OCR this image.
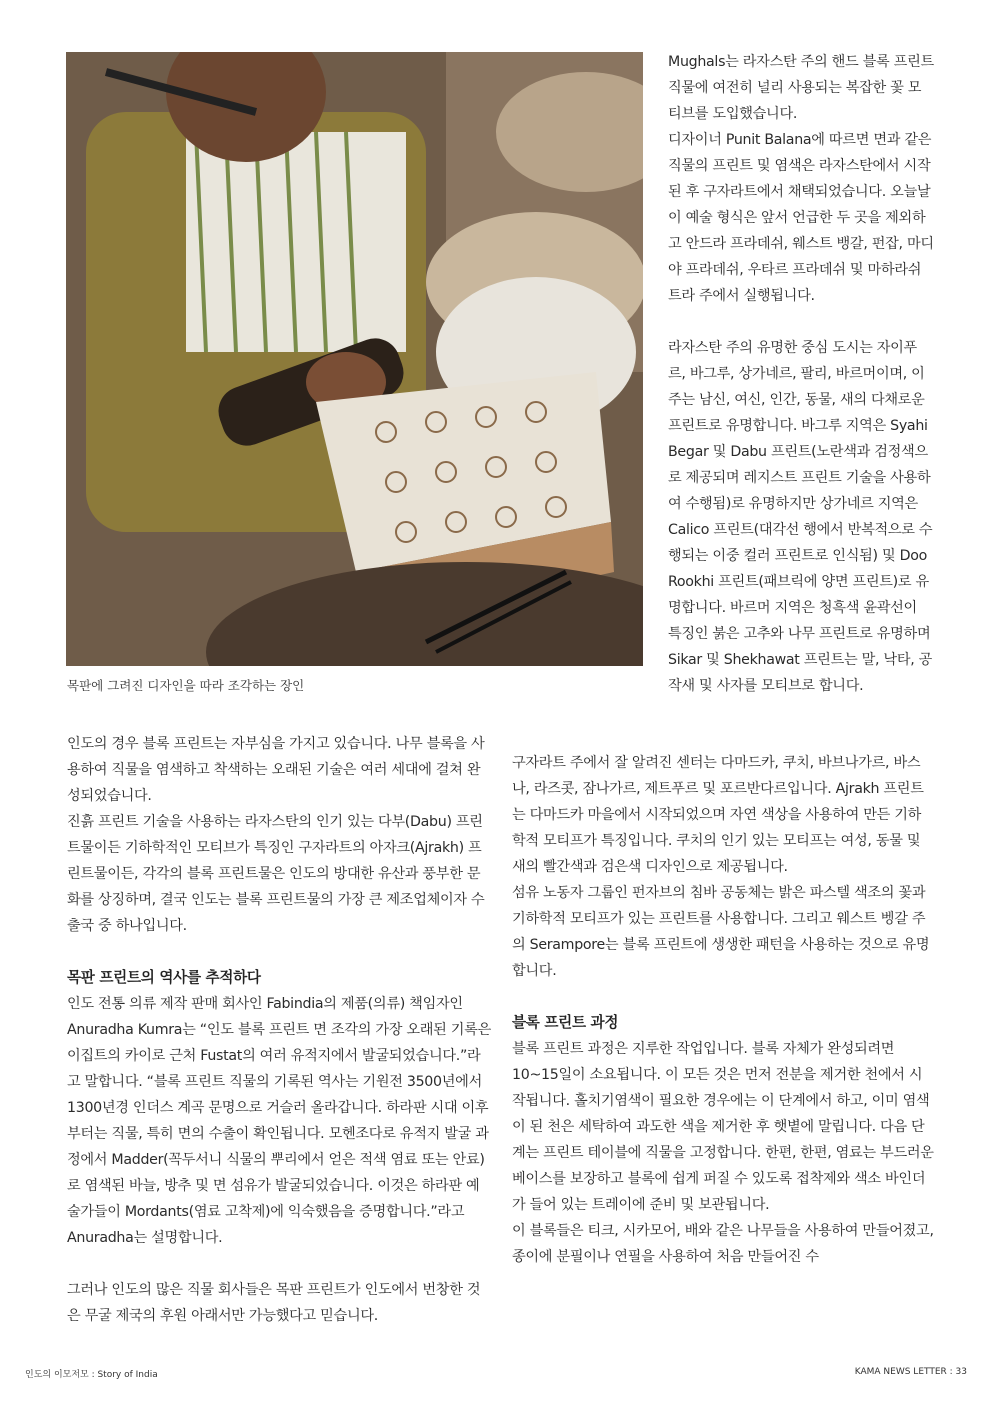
목판에 그려진 디자인을 따라 조각하는 장인

Mughals는 라자스탄 주의 핸드 블록 프린트 직물에 여전히 널리 사용되는 복잡한 꽃 모티브를 도입했습니다.

디자이너 Punit Balana에 따르면 면과 같은 직물의 프린트 및 염색은 라자스탄에서 시작된 후 구자라트에서 채택되었습니다. 오늘날 이 예술 형식은 앞서 언급한 두 곳을 제외하고 안드라 프라데쉬, 웨스트 뱅갈, 펀잡, 마디야 프라데쉬, 우타르 프라데쉬 및 마하라쉬트라 주에서 실행됩니다.

라자스탄 주의 유명한 중심 도시는 자이푸르, 바그루, 상가네르, 팔리, 바르머이며, 이 주는 남신, 여신, 인간, 동물, 새의 다채로운 프린트로 유명합니다. 바그루 지역은 Syahi Begar 및 Dabu 프린트(노란색과 검정색으로 제공되며 레지스트 프린트 기술을 사용하여 수행됨)로 유명하지만 상가네르 지역은 Calico 프린트(대각선 행에서 반복적으로 수행되는 이중 컬러 프린트로 인식됨) 및 Doo Rookhi 프린트(패브릭에 양면 프린트)로 유명합니다. 바르머 지역은 청흑색 윤곽선이 특징인 붉은 고추와 나무 프린트로 유명하며 Sikar 및 Shekhawat 프린트는 말, 낙타, 공작새 및 사자를 모티브로 합니다.

인도의 경우 블록 프린트는 자부심을 가지고 있습니다. 나무 블록을 사용하여 직물을 염색하고 착색하는 오래된 기술은 여러 세대에 걸쳐 완성되었습니다.

진흙 프린트 기술을 사용하는 라자스탄의 인기 있는 다부(Dabu) 프린트물이든 기하학적인 모티브가 특징인 구자라트의 아자크(Ajrakh) 프린트물이든, 각각의 블록 프린트물은 인도의 방대한 유산과 풍부한 문화를 상징하며, 결국 인도는 블록 프린트물의 가장 큰 제조업체이자 수출국 중 하나입니다.

목판 프린트의 역사를 추적하다

인도 전통 의류 제작 판매 회사인 Fabindia의 제품(의류) 책임자인 Anuradha Kumra는 “인도 블록 프린트 면 조각의 가장 오래된 기록은 이집트의 카이로 근처 Fustat의 여러 유적지에서 발굴되었습니다.”라고 말합니다. “블록 프린트 직물의 기록된 역사는 기원전 3500년에서 1300년경 인더스 계곡 문명으로 거슬러 올라갑니다. 하라판 시대 이후부터는 직물, 특히 면의 수출이 확인됩니다. 모헨조다로 유적지 발굴 과정에서 Madder(꼭두서니 식물의 뿌리에서 얻은 적색 염료 또는 안료)로 염색된 바늘, 방추 및 면 섬유가 발굴되었습니다. 이것은 하라판 예술가들이 Mordants(염료 고착제)에 익숙했음을 증명합니다.”라고 Anuradha는 설명합니다.

그러나 인도의 많은 직물 회사들은 목판 프린트가 인도에서 번창한 것은 무굴 제국의 후원 아래서만 가능했다고 믿습니다.

구자라트 주에서 잘 알려진 센터는 다마드카, 쿠치, 바브나가르, 바스나, 라즈콧, 잠나가르, 제트푸르 및 포르반다르입니다. Ajrakh 프린트는 다마드카 마을에서 시작되었으며 자연 색상을 사용하여 만든 기하학적 모티프가 특징입니다. 쿠치의 인기 있는 모티프는 여성, 동물 및 새의 빨간색과 검은색 디자인으로 제공됩니다.

섬유 노동자 그룹인 펀자브의 침바 공동체는 밝은 파스텔 색조의 꽃과 기하학적 모티프가 있는 프린트를 사용합니다. 그리고 웨스트 벵갈 주의 Serampore는 블록 프린트에 생생한 패턴을 사용하는 것으로 유명합니다.

블록 프린트 과정

블록 프린트 과정은 지루한 작업입니다. 블록 자체가 완성되려면 10~15일이 소요됩니다. 이 모든 것은 먼저 전분을 제거한 천에서 시작됩니다. 홀치기염색이 필요한 경우에는 이 단계에서 하고, 이미 염색이 된 천은 세탁하여 과도한 색을 제거한 후 햇볕에 말립니다. 다음 단계는 프린트 테이블에 직물을 고정합니다. 한편, 한편, 염료는 부드러운 베이스를 보장하고 블록에 쉽게 퍼질 수 있도록 접착제와 색소 바인더가 들어 있는 트레이에 준비 및 보관됩니다.

이 블록들은 티크, 시카모어, 배와 같은 나무들을 사용하여 만들어졌고, 종이에 분필이나 연필을 사용하여 처음 만들어진 수

인도의 이모저모 : Story of India	KAMA NEWS LETTER : 33
